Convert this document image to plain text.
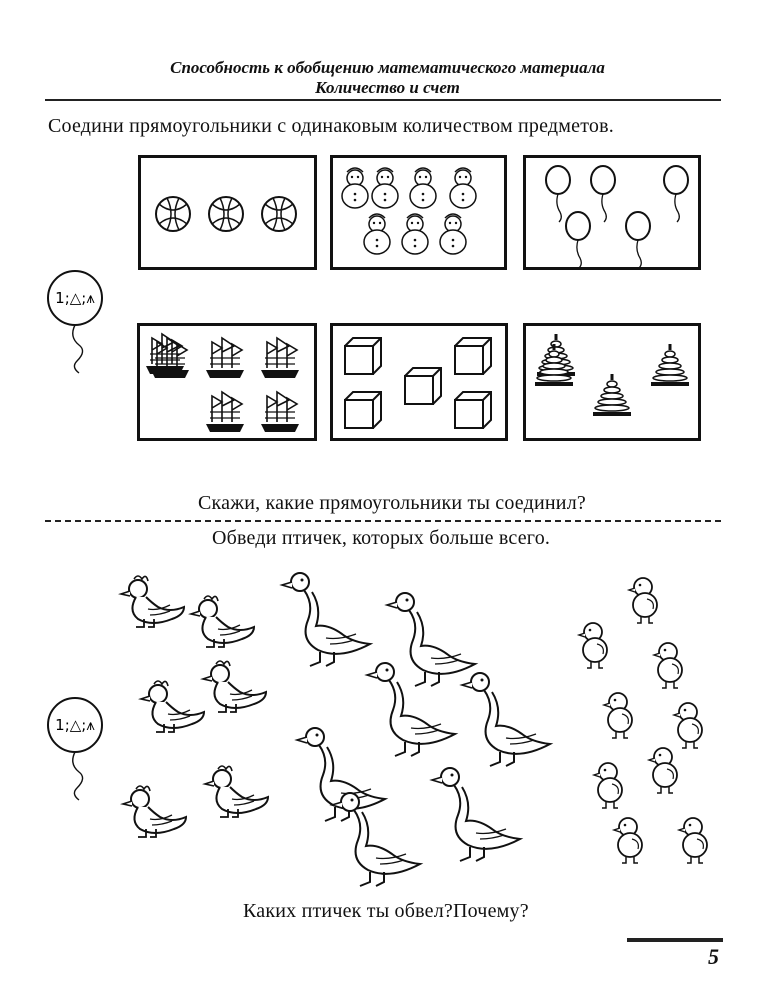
Способность к обобщению математического материала
Количество и счет
Соедини прямоугольники с одинаковым количеством предметов.
1;△;⩚
Скажи, какие прямоугольники ты соединил?
Обведи птичек, которых больше всего.
1;△;⩚
Каких птичек ты обвел?Почему?
5
